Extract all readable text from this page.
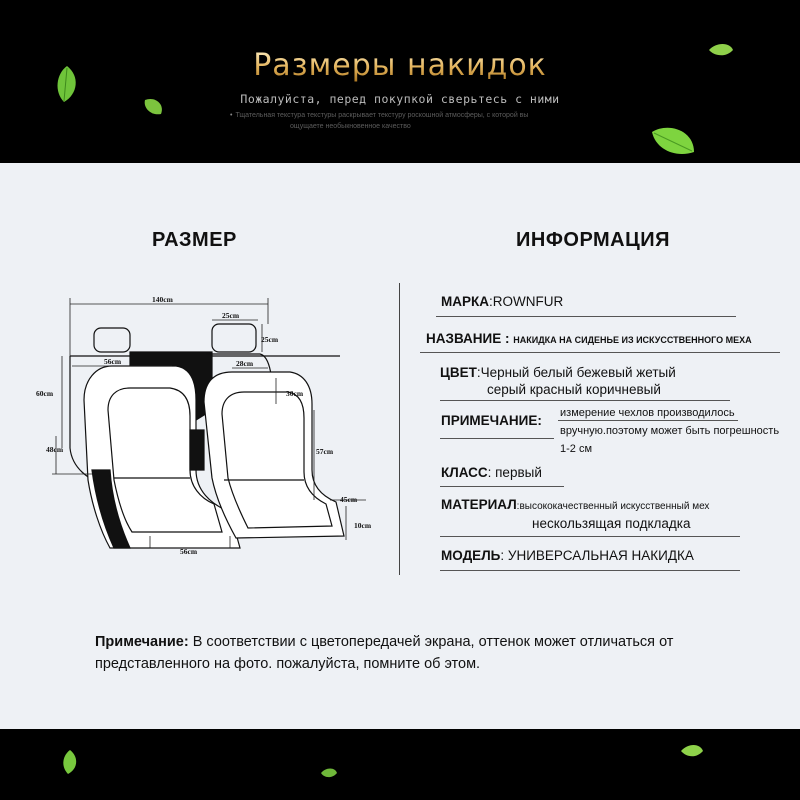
Размеры накидок
Пожалуйста, перед покупкой сверьтесь с ними
• Тщательная текстура текстуры раскрывает текстуру роскошной атмосферы, с которой вы
ощущаете необыкновенное качество
РАЗМЕР	ИНФОРМАЦИЯ
140cm
25cm
25cm
56cm	28cm
60cm	30cm
48cm	57cm
45cm
10cm
56cm
МАРКА:ROWNFUR
НАЗВАНИЕ : НАКИДКА НА СИДЕНЬЕ ИЗ ИСКУССТВЕННОГО МЕХА
ЦВЕТ:Черный белый бежевый жетый
серый красный коричневый
ПРИМЕЧАНИЕ: измерение чехлов производилось
вручную.поэтому может быть погрешность
1-2 см
КЛАСС: первый
МАТЕРИАЛ:высококачественный искусственный мех
нескользящая подкладка
МОДЕЛЬ: УНИВЕРСАЛЬНАЯ НАКИДКА
Примечание: В соответствии с цветопередачей экрана, оттенок может отличаться от представленного на фото. пожалуйста, помните об этом.
